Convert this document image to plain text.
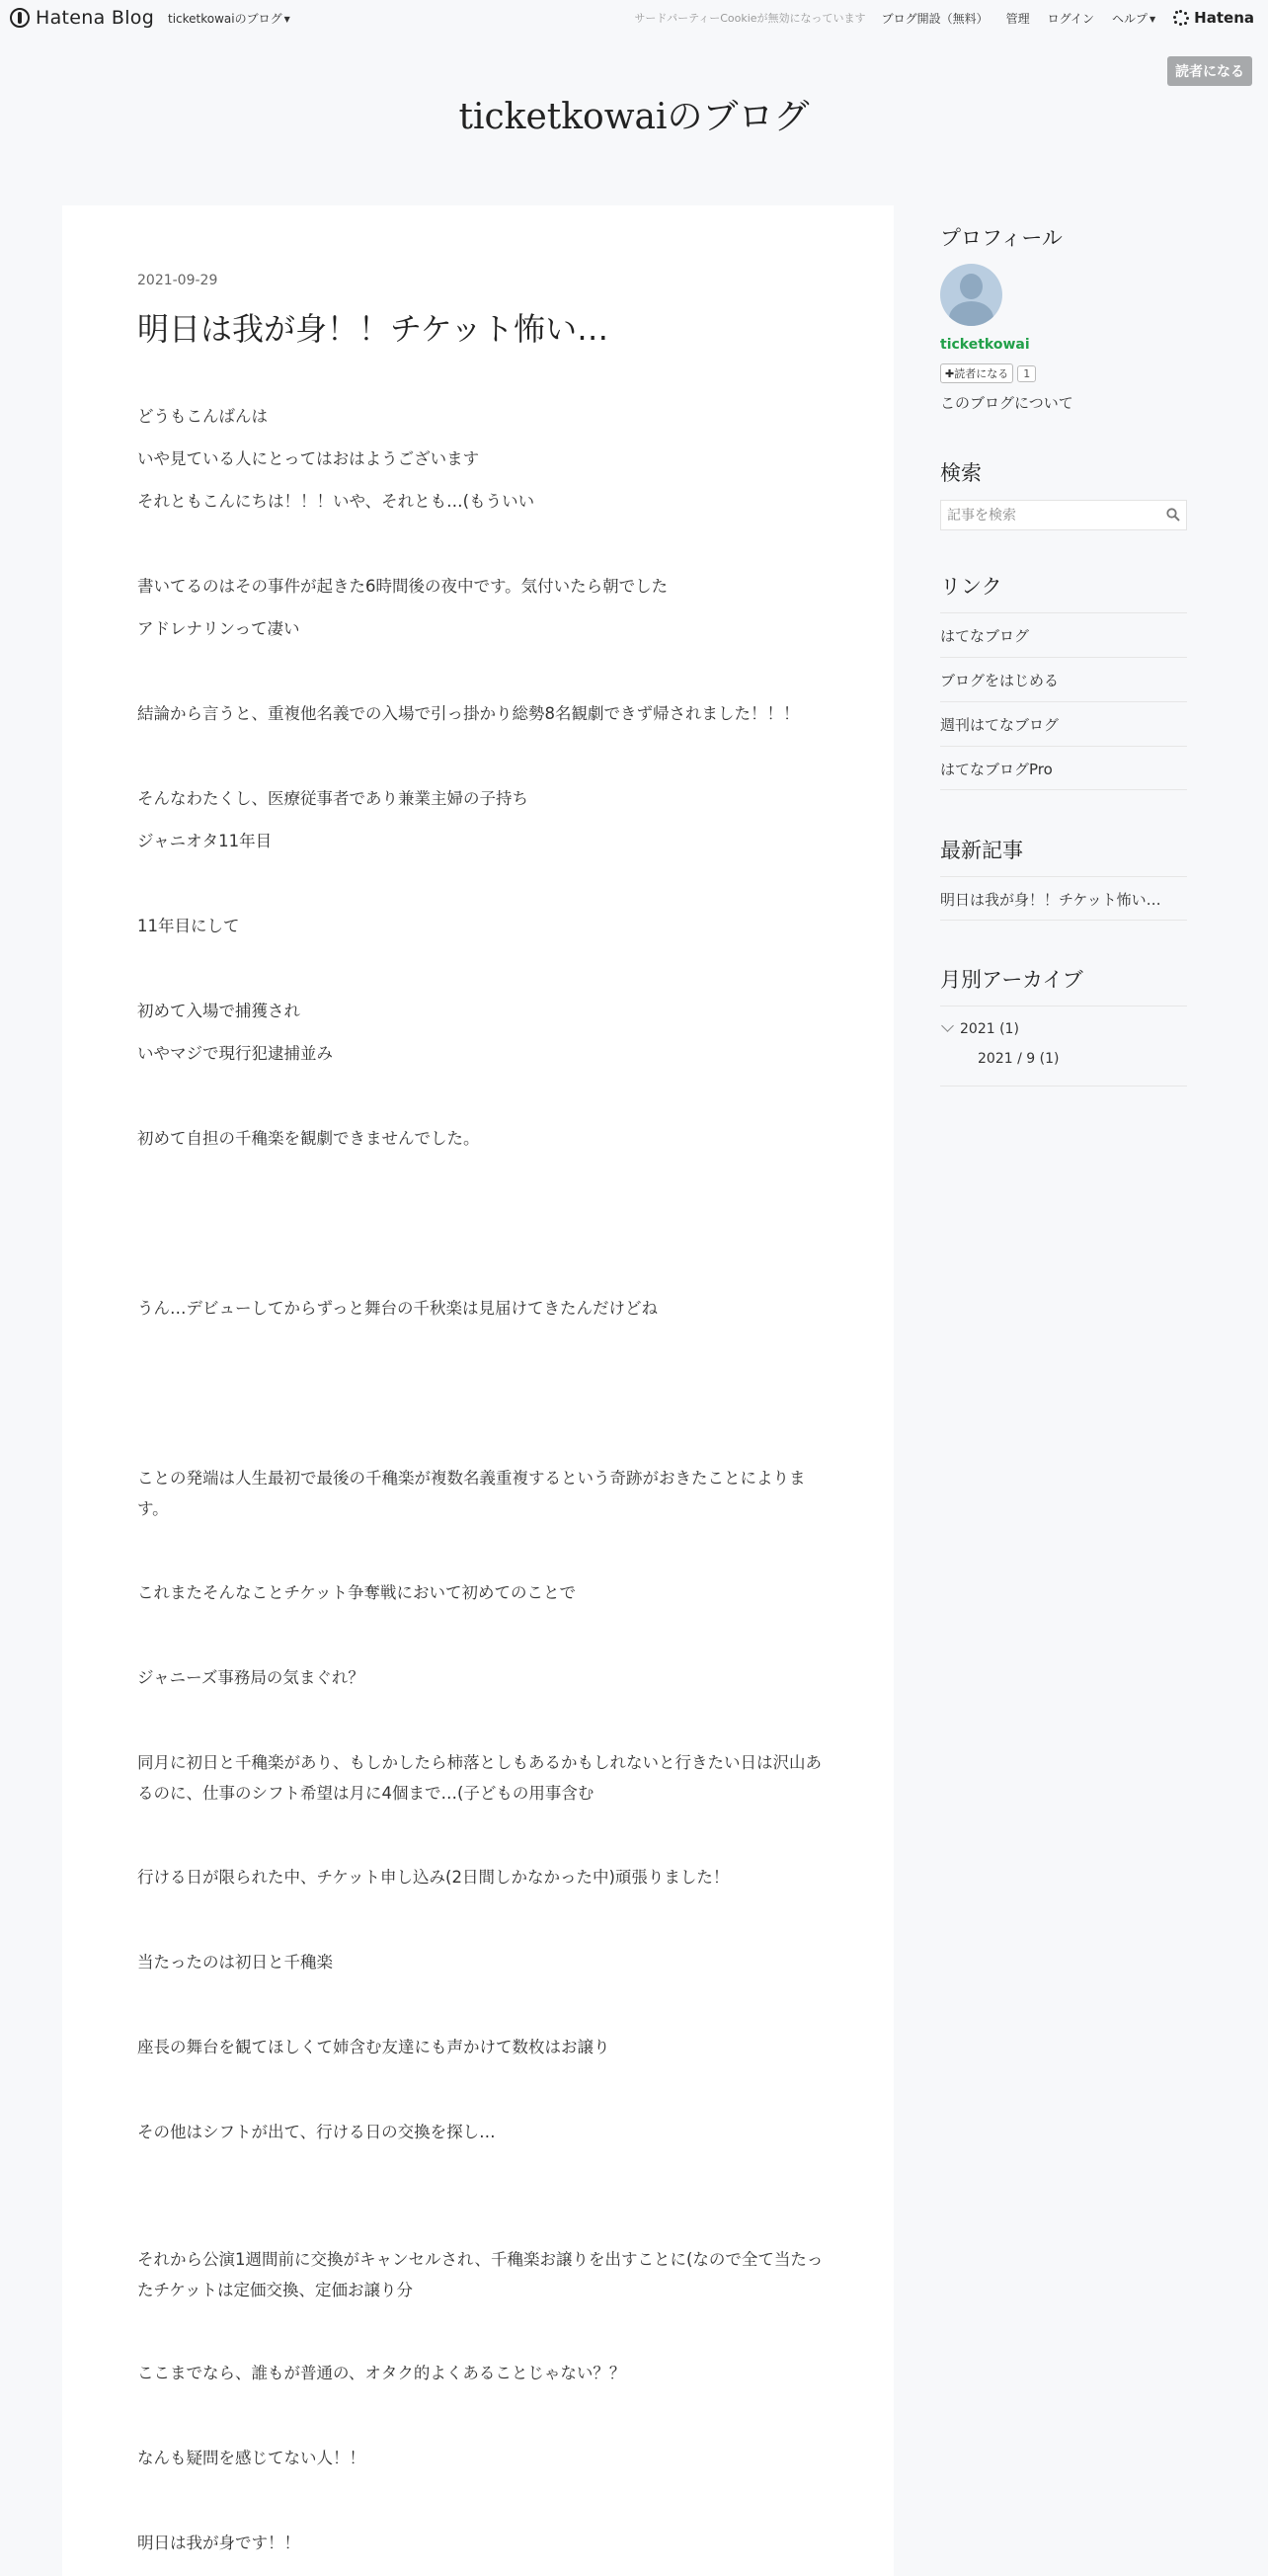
Hatena Blog ticketkowaiのブログ ▼	サードパーティーCookieが無効になっています ブログ開設（無料） 管理 ログイン ヘルプ ▼	Hatena
読者になる
ticketkowaiのブログ
2021-09-29
明日は我が身！！チケット怖い…

どうもこんばんは

いや見ている人にとってはおはようございます

それともこんにちは！！！いや、それとも…(もういい

書いてるのはその事件が起きた6時間後の夜中です。気付いたら朝でした

アドレナリンって凄い

結論から言うと、重複他名義での入場で引っ掛かり総勢8名観劇できず帰されました！！！

そんなわたくし、医療従事者であり兼業主婦の子持ち

ジャニオタ11年目

11年目にして

初めて入場で捕獲され

いやマジで現行犯逮捕並み

初めて自担の千穐楽を観劇できませんでした。

うん…デビューしてからずっと舞台の千秋楽は見届けてきたんだけどね

ことの発端は人生最初で最後の千穐楽が複数名義重複するという奇跡がおきたことによります。

これまたそんなことチケット争奪戦において初めてのことで

ジャニーズ事務局の気まぐれ？

同月に初日と千穐楽があり、もしかしたら柿落としもあるかもしれないと行きたい日は沢山あるのに、仕事のシフト希望は月に4個まで…(子どもの用事含む

行ける日が限られた中、チケット申し込み(2日間しかなかった中)頑張りました！

当たったのは初日と千穐楽

座長の舞台を観てほしくて姉含む友達にも声かけて数枚はお譲り

その他はシフトが出て、行ける日の交換を探し…

それから公演1週間前に交換がキャンセルされ、千穐楽お譲りを出すことに(なので全て当たったチケットは定価交換、定価お譲り分

ここまでなら、誰もが普通の、オタク的よくあることじゃない？？

なんも疑問を感じてない人！！

明日は我が身です！！

プロフィール
ticketkowai
✚読者になる	1
このブログについて
検索
記事を検索
リンク
はてなブログ
ブログをはじめる
週刊はてなブログ
はてなブログPro
最新記事
明日は我が身！！チケット怖い…
月別アーカイブ
2021 (1)
2021 / 9 (1)
